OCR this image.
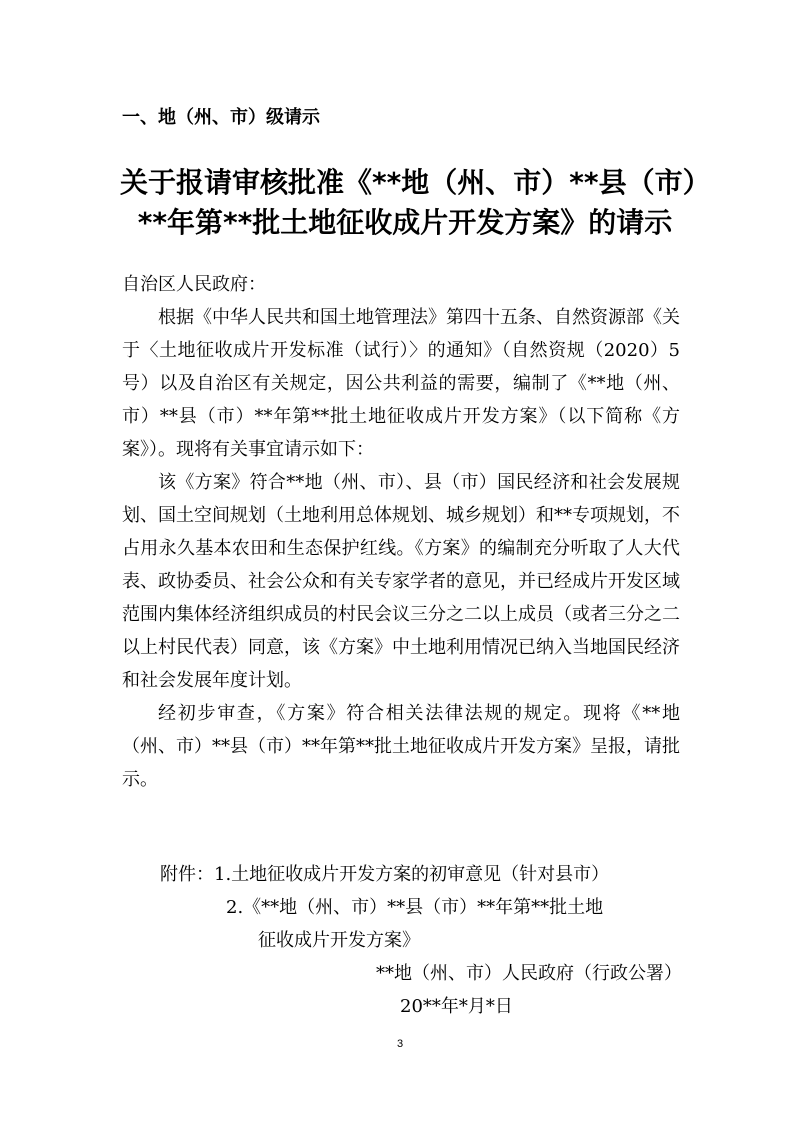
一、地（州、市）级请示
关于报请审核批准《**地（州、市）**县（市）
**年第**批土地征收成片开发方案》的请示

自治区人民政府：

根据《中华人民共和国土地管理法》第四十五条、自然资源部《关于〈土地征收成片开发标准（试行）〉的通知》（自然资规（2020）5号）以及自治区有关规定，因公共利益的需要，编制了《**地（州、市）**县（市）**年第**批土地征收成片开发方案》（以下简称《方案》）。现将有关事宜请示如下：

该《方案》符合**地（州、市）、县（市）国民经济和社会发展规划、国土空间规划（土地利用总体规划、城乡规划）和**专项规划，不占用永久基本农田和生态保护红线。《方案》的编制充分听取了人大代表、政协委员、社会公众和有关专家学者的意见，并已经成片开发区域范围内集体经济组织成员的村民会议三分之二以上成员（或者三分之二以上村民代表）同意，该《方案》中土地利用情况已纳入当地国民经济和社会发展年度计划。

经初步审查，《方案》符合相关法律法规的规定。现将《**地（州、市）**县（市）**年第**批土地征收成片开发方案》呈报，请批示。

附件：1.土地征收成片开发方案的初审意见（针对县市）
2.《**地（州、市）**县（市）**年第**批土地
征收成片开发方案》
**地（州、市）人民政府（行政公署）
20**年*月*日
3
